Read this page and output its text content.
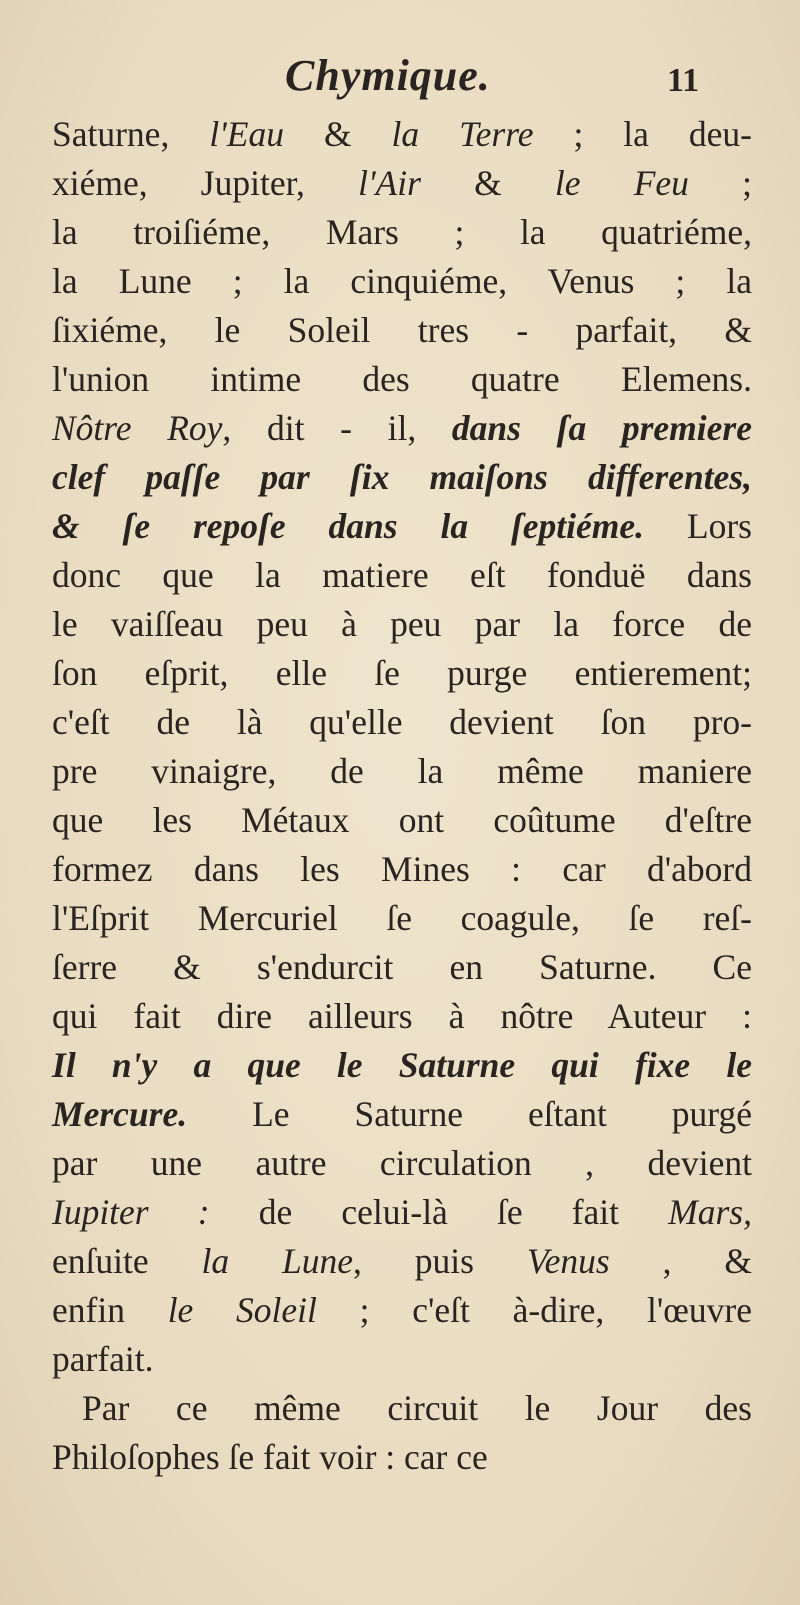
Chymique.	11
Saturne, l'Eau & la Terre ; la deu-
xiéme, Jupiter, l'Air & le Feu ;
la troiſiéme, Mars ; la quatriéme,
la Lune ; la cinquiéme, Venus ; la
ſixiéme, le Soleil tres - parfait, &
l'union intime des quatre Elemens.
Nôtre Roy, dit - il, dans ſa premiere
clef paſſe par ſix maiſons differentes,
& ſe repoſe dans la ſeptiéme. Lors
donc que la matiere eſt fonduë dans
le vaiſſeau peu à peu par la force de
ſon eſprit, elle ſe purge entierement;
c'eſt de là qu'elle devient ſon pro-
pre vinaigre, de la même maniere
que les Métaux ont coûtume d'eſtre
formez dans les Mines : car d'abord
l'Eſprit Mercuriel ſe coagule, ſe reſ-
ſerre & s'endurcit en Saturne. Ce
qui fait dire ailleurs à nôtre Auteur :
Il n'y a que le Saturne qui fixe le
Mercure. Le Saturne eſtant purgé
par une autre circulation , devient
Iupiter : de celui-là ſe fait Mars,
enſuite la Lune, puis Venus , &
enfin le Soleil ; c'eſt à-dire, l'œuvre
parfait.
Par ce même circuit le Jour des
Philoſophes ſe fait voir : car ce
